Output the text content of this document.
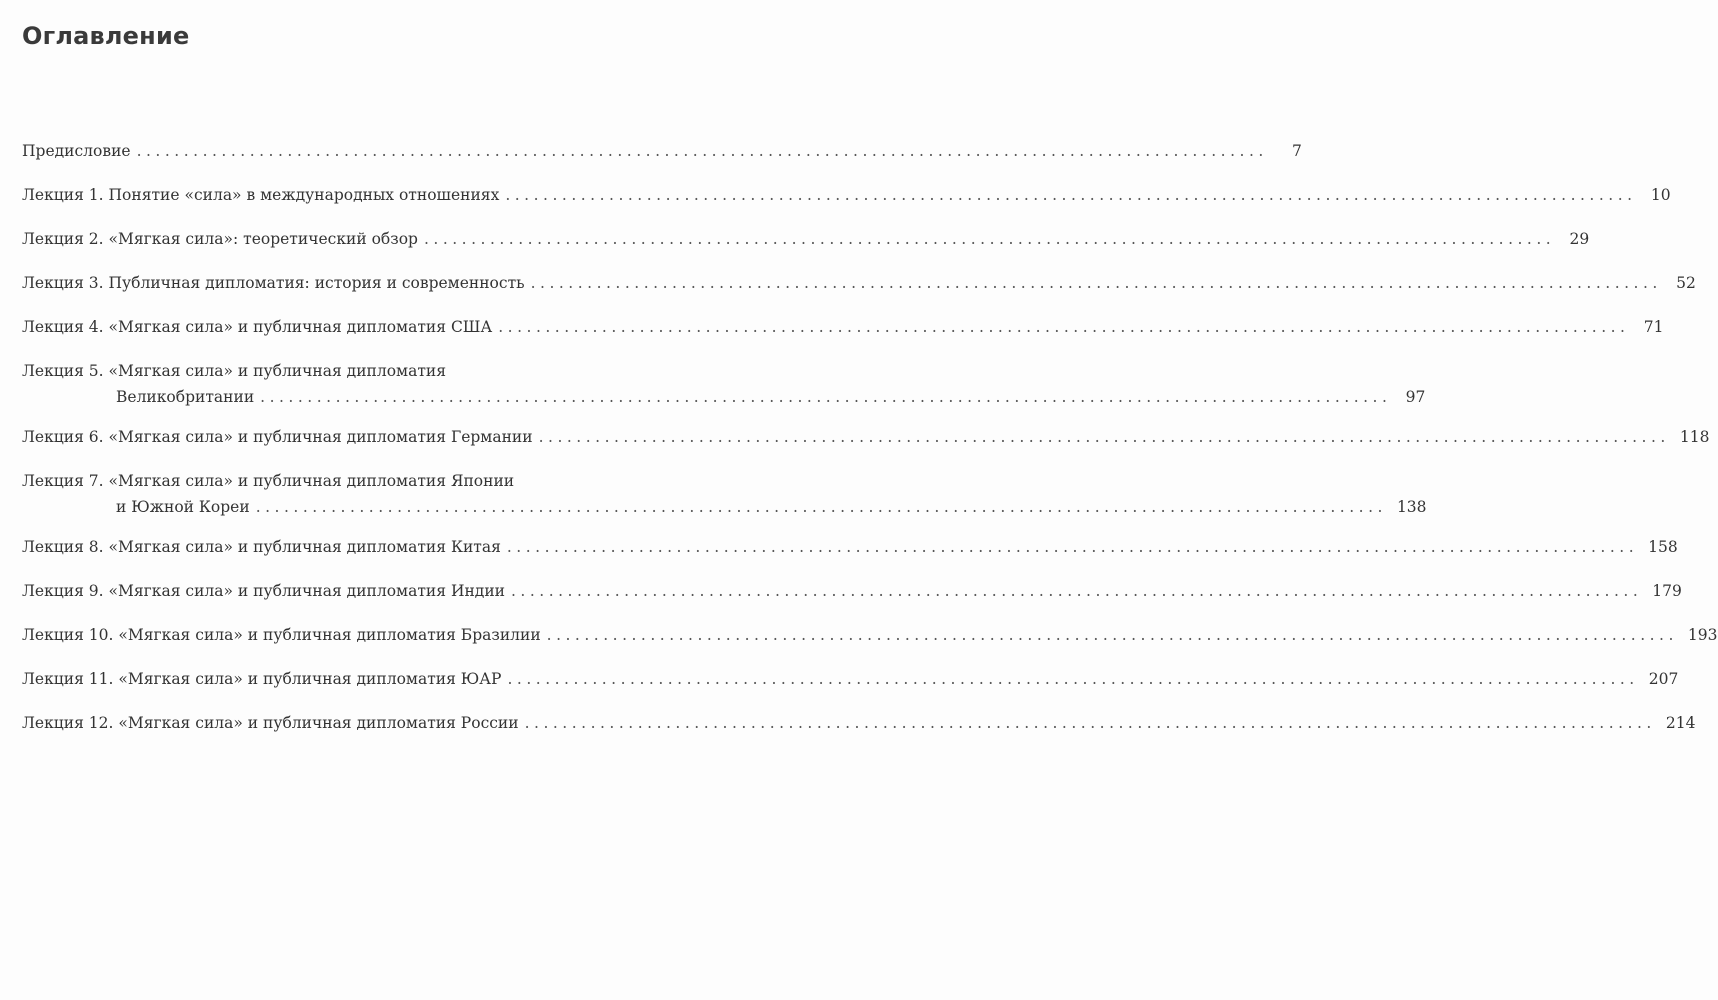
Оглавление
Предисловие ........................................................................................................................	7
Лекция 1. Понятие «сила» в международных отношениях ........................................................................................................................ 10
Лекция 2. «Мягкая сила»: теоретический обзор ........................................................................................................................ 29
Лекция 3. Публичная дипломатия: история и современность ........................................................................................................................ 52
Лекция 4. «Мягкая сила» и публичная дипломатия США ........................................................................................................................ 71
Лекция 5. «Мягкая сила» и публичная дипломатия
Великобритании ........................................................................................................................ 97
Лекция 6. «Мягкая сила» и публичная дипломатия Германии ........................................................................................................................ 118
Лекция 7. «Мягкая сила» и публичная дипломатия Японии
и Южной Кореи ........................................................................................................................ 138
Лекция 8. «Мягкая сила» и публичная дипломатия Китая ........................................................................................................................ 158
Лекция 9. «Мягкая сила» и публичная дипломатия Индии ........................................................................................................................ 179
Лекция 10. «Мягкая сила» и публичная дипломатия Бразилии ........................................................................................................................ 193
Лекция 11. «Мягкая сила» и публичная дипломатия ЮАР ........................................................................................................................ 207
Лекция 12. «Мягкая сила» и публичная дипломатия России ........................................................................................................................ 214
